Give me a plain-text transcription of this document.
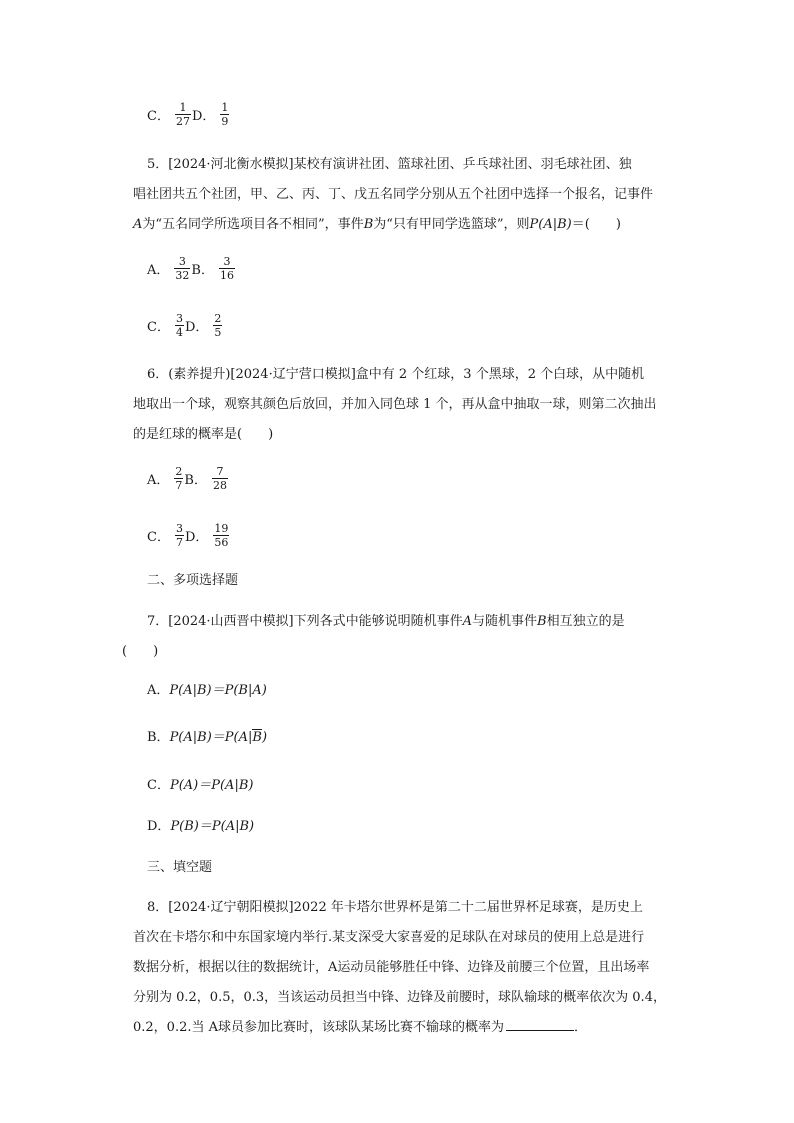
C． $\frac{1}{27}$ D． $\frac{1}{9}$

5．[2024·河北衡水模拟]某校有演讲社团、篮球社团、乒乓球社团、羽毛球社团、独

唱社团共五个社团，甲、乙、丙、丁、戊五名同学分别从五个社团中选择一个报名，记事件

A为“五名同学所选项目各不相同”，事件B为“只有甲同学选篮球”，则P(A|B)＝(　　)

A． $\frac{3}{32}$ B． $\frac{3}{16}$
C． $\frac{3}{4}$ D． $\frac{2}{5}$

6．(素养提升)[2024·辽宁营口模拟]盒中有 2 个红球，3 个黑球，2 个白球，从中随机

地取出一个球，观察其颜色后放回，并加入同色球 1 个，再从盒中抽取一球，则第二次抽出

的是红球的概率是(　　)

A． $\frac{2}{7}$ B． $\frac{7}{28}$
C． $\frac{3}{7}$ D． $\frac{19}{56}$
二、多项选择题

7．[2024·山西晋中模拟]下列各式中能够说明随机事件A与随机事件B相互独立的是

(　　)

A．P(A|B)＝P(B|A)
B．P(A|B)＝P(A|B)
C．P(A)＝P(A|B)
D．P(B)＝P(A|B)
三、填空题

8．[2024·辽宁朝阳模拟]2022 年卡塔尔世界杯是第二十二届世界杯足球赛，是历史上

首次在卡塔尔和中东国家境内举行.某支深受大家喜爱的足球队在对球员的使用上总是进行

数据分析，根据以往的数据统计，A运动员能够胜任中锋、边锋及前腰三个位置，且出场率

分别为 0.2，0.5，0.3，当该运动员担当中锋、边锋及前腰时，球队输球的概率依次为 0.4，

0.2，0.2.当 A球员参加比赛时，该球队某场比赛不输球的概率为	．
